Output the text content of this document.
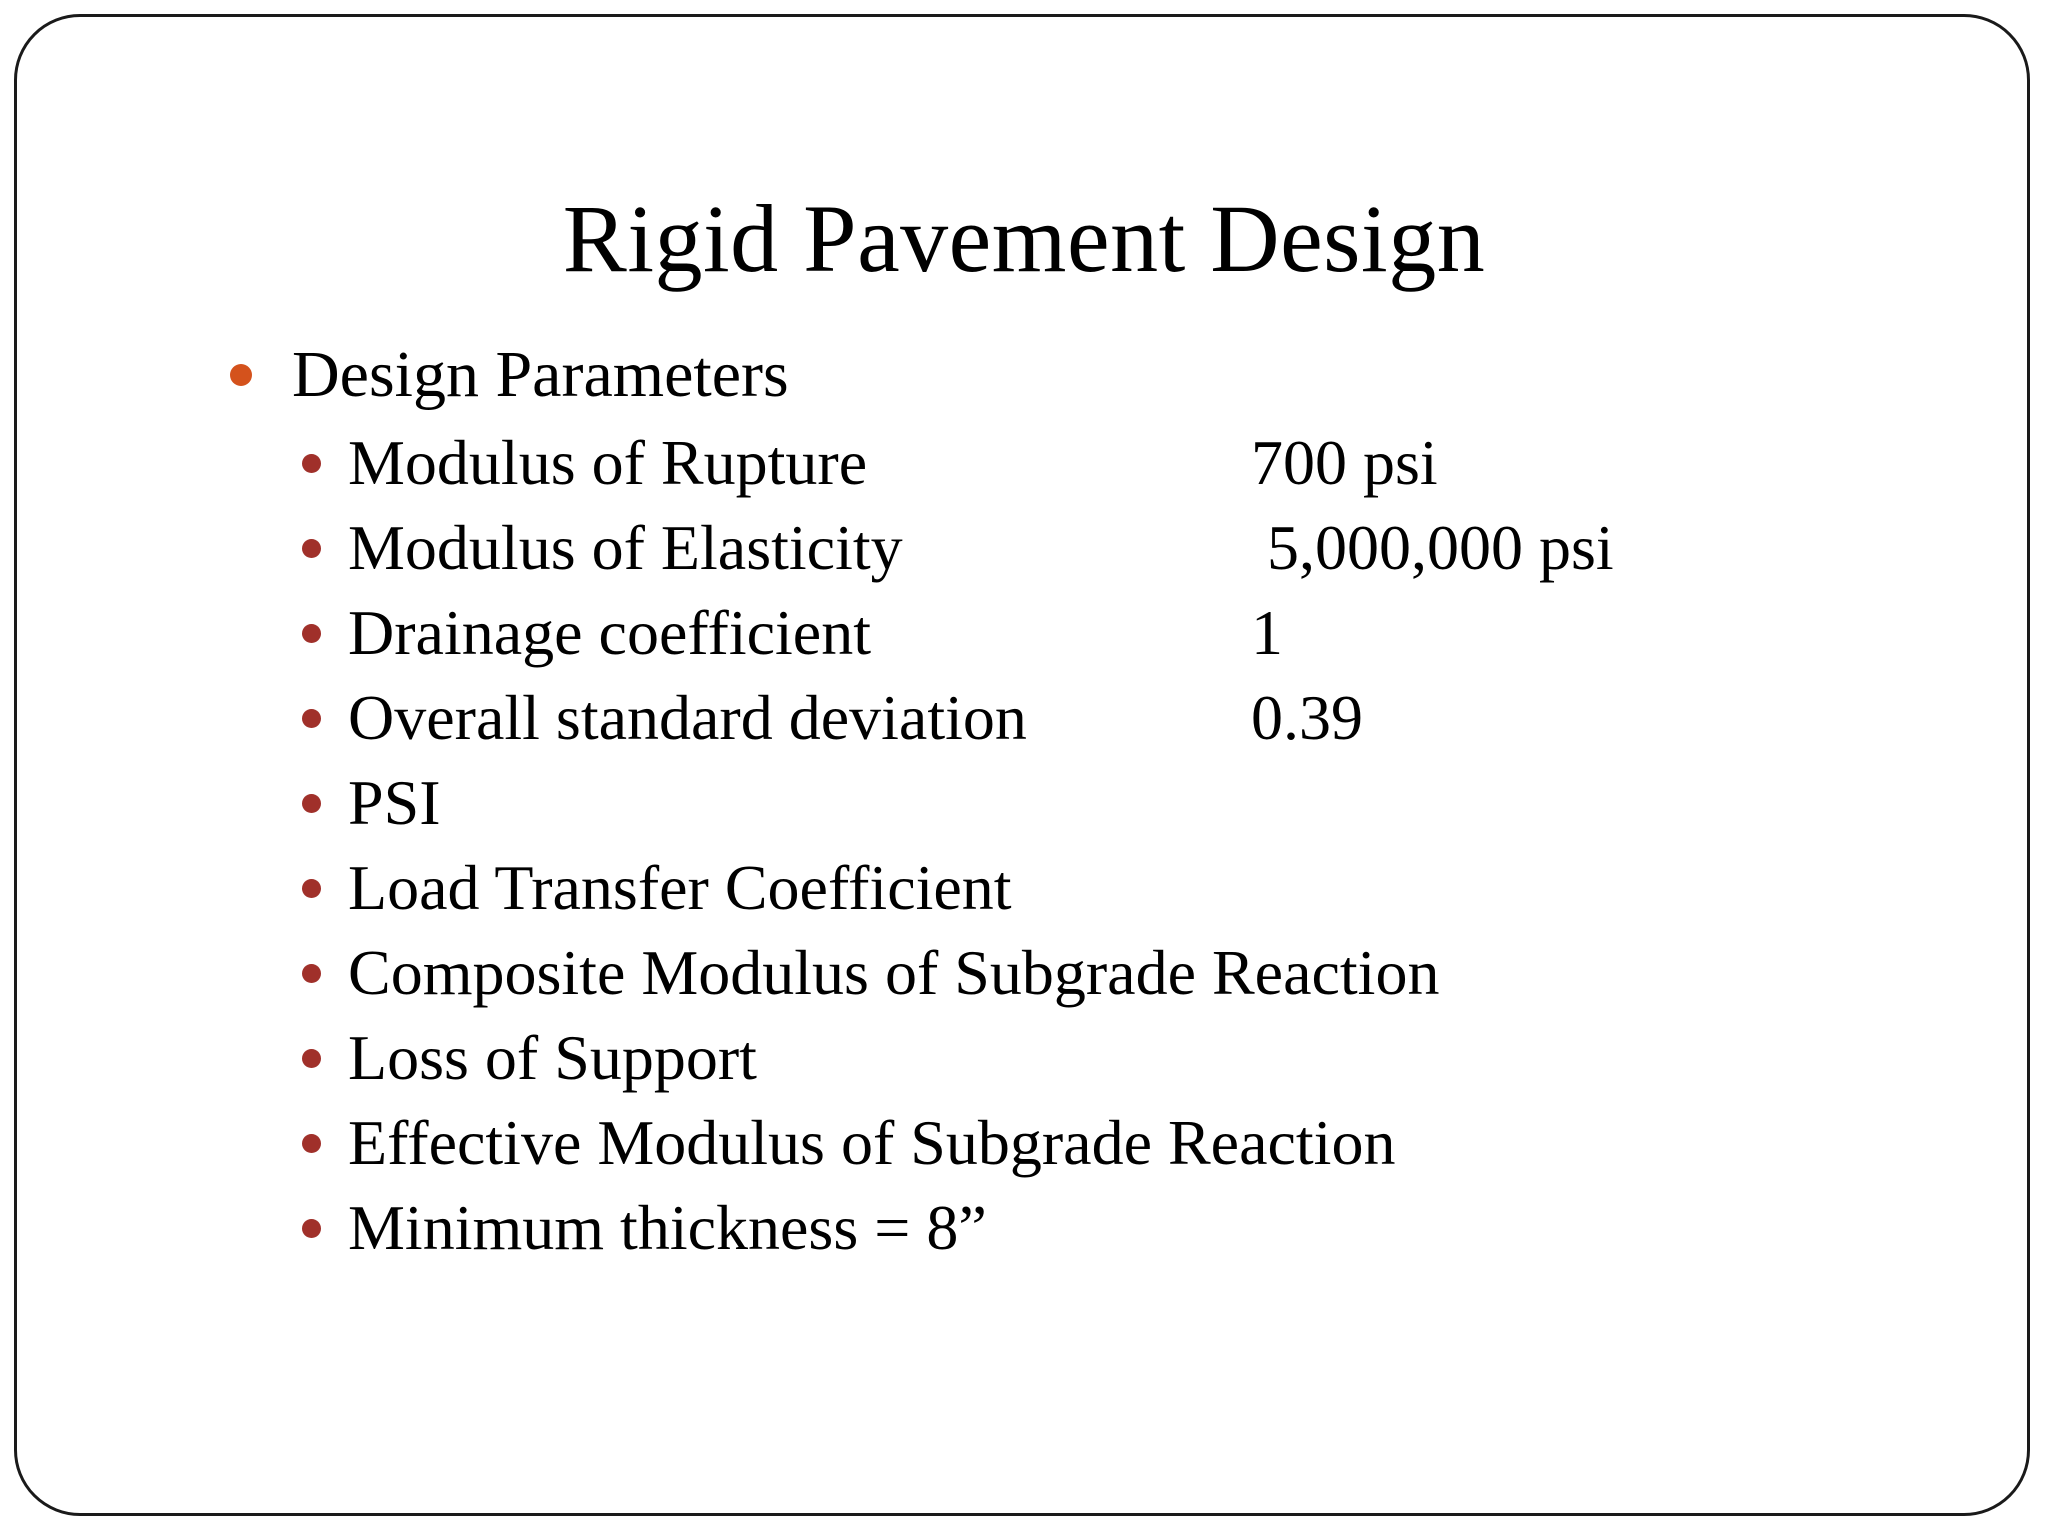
Rigid Pavement Design
Design Parameters
Modulus of Rupture	700 psi
Modulus of Elasticity	5,000,000 psi
Drainage coefficient	1
Overall standard deviation	0.39
PSI
Load Transfer Coefficient
Composite Modulus of Subgrade Reaction
Loss of Support
Effective Modulus of Subgrade Reaction
Minimum thickness = 8”
